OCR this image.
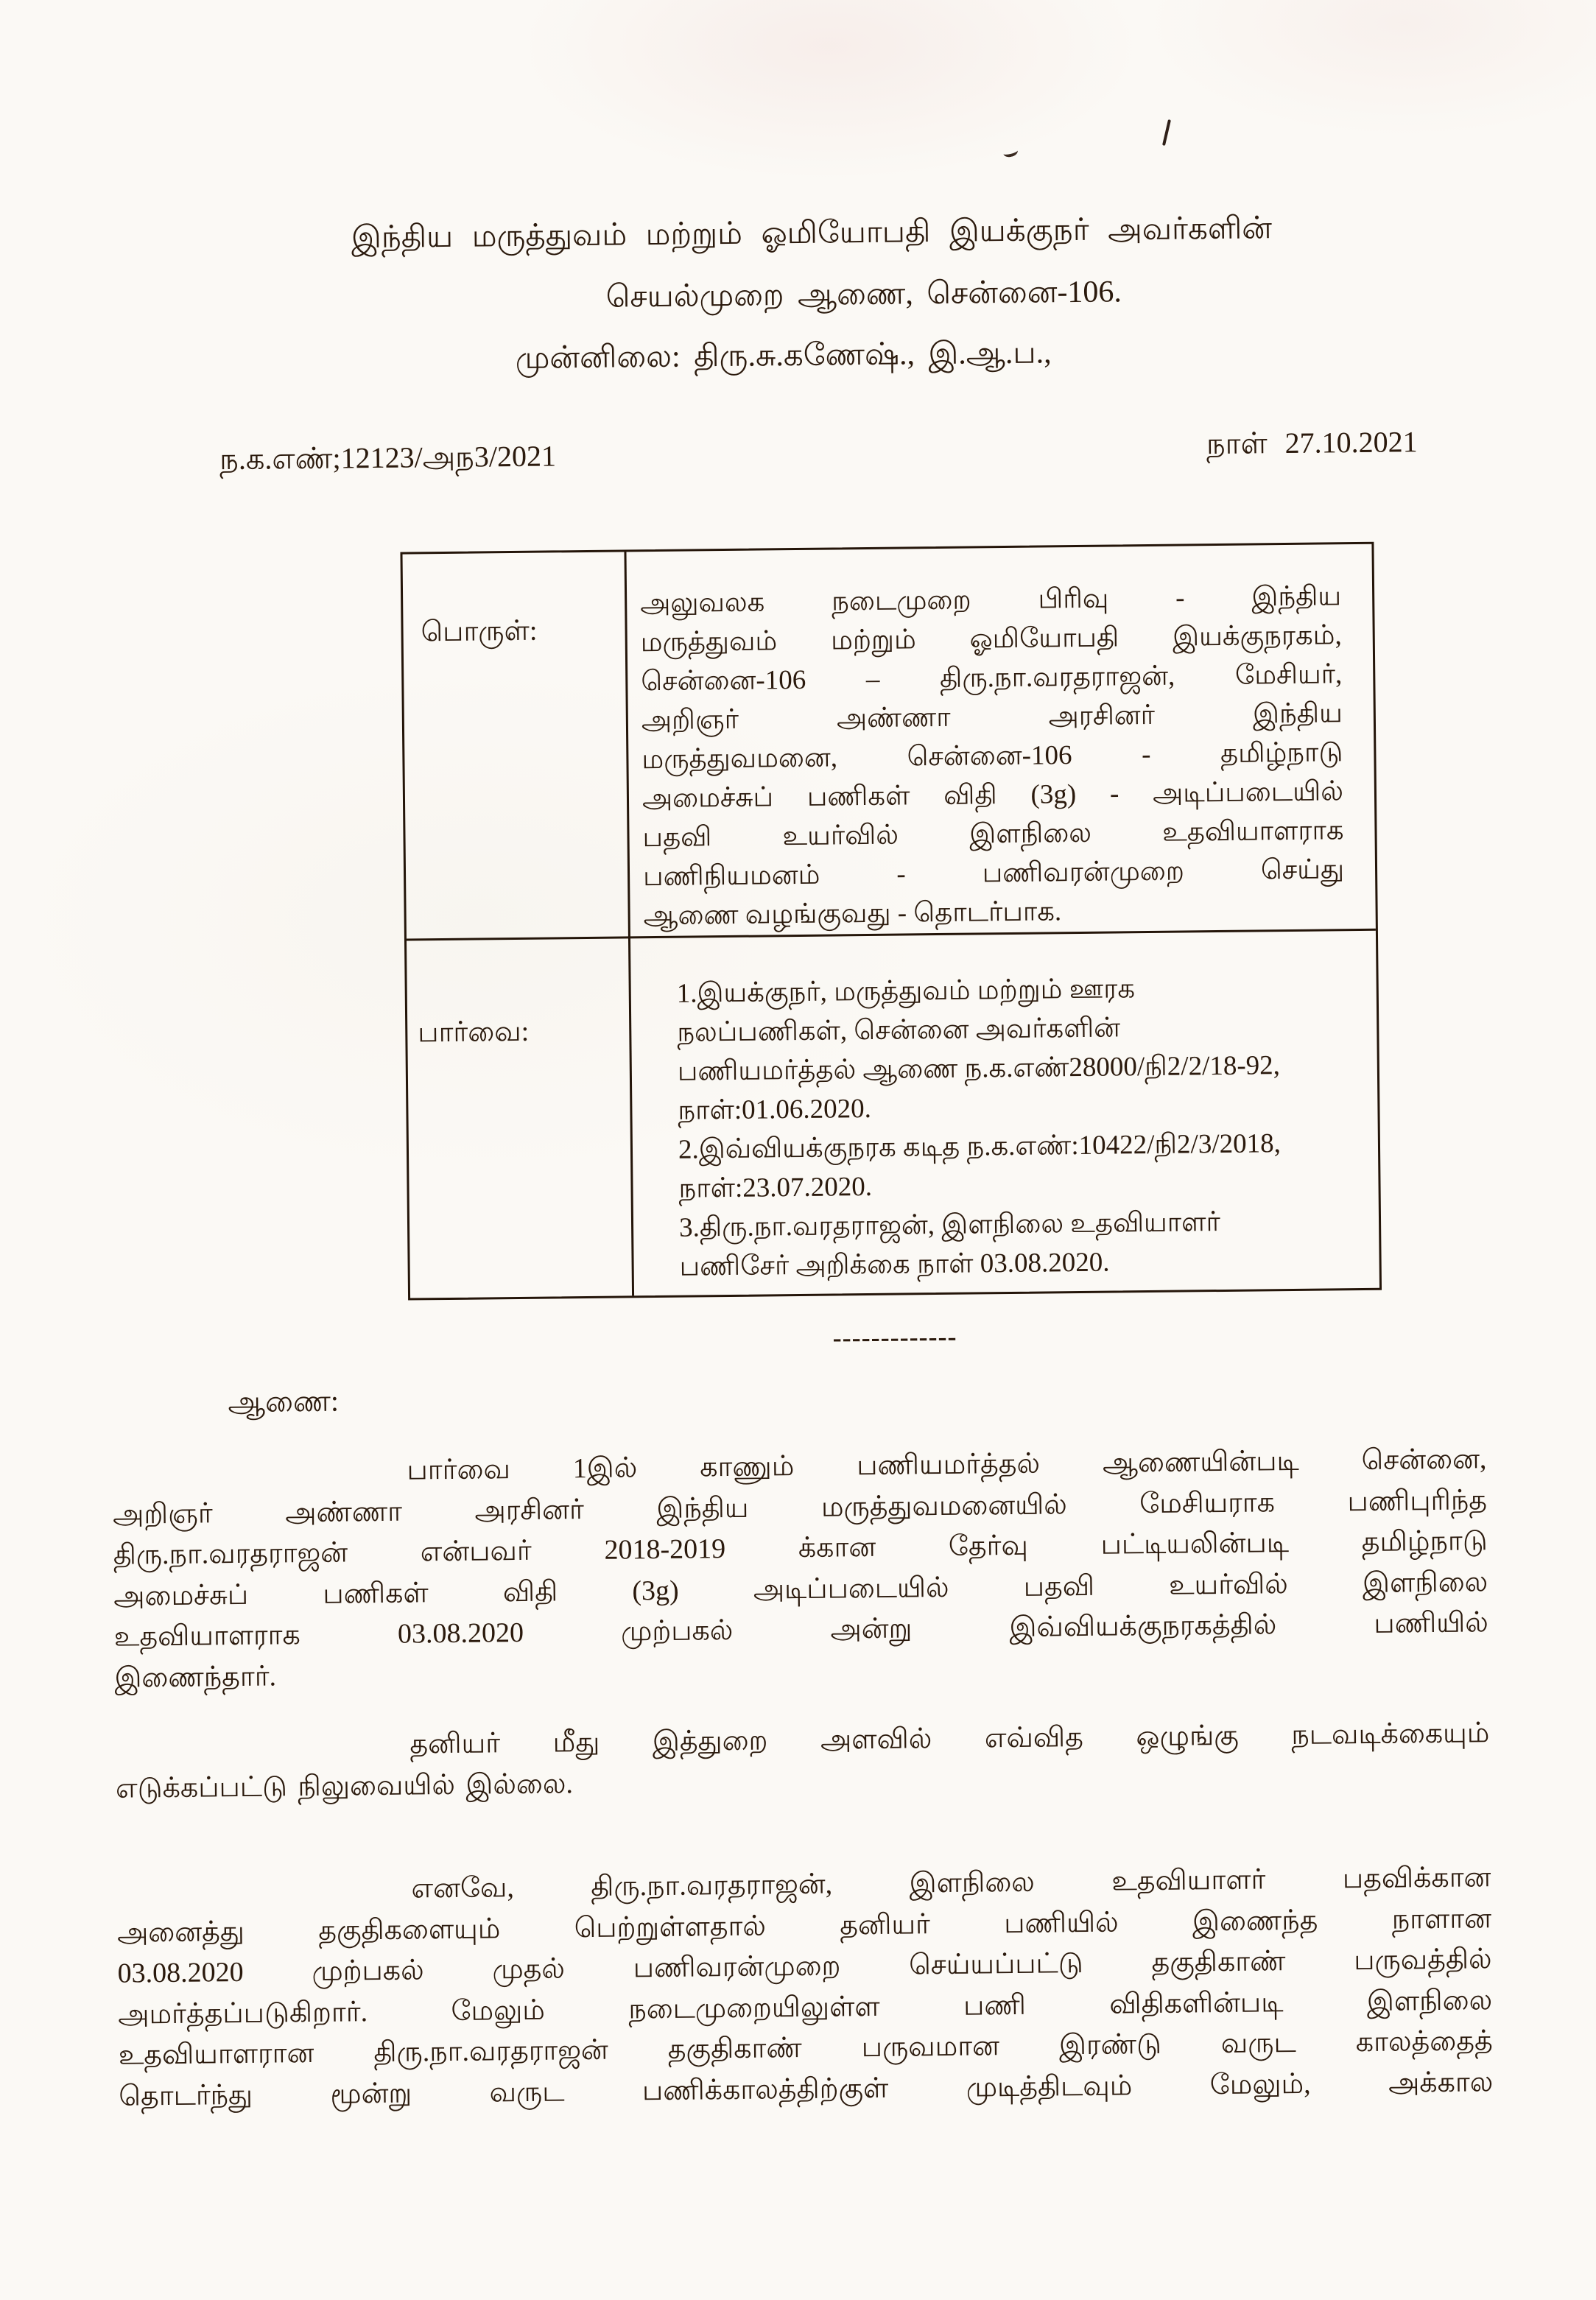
இந்திய மருத்துவம் மற்றும் ஓமியோபதி இயக்குநர் அவர்களின்
செயல்முறை ஆணை, சென்னை-106.
முன்னிலை: திரு.சு.கணேஷ்., இ.ஆ.ப.,
ந.க.எண்;12123/அந3/2021	நாள் 27.10.2021
பொருள்:
அலுவலக நடைமுறை பிரிவு - இந்திய
மருத்துவம் மற்றும் ஓமியோபதி இயக்குநரகம்,
சென்னை-106 – திரு.நா.வரதராஜன், மேசியர்,
அறிஞர் அண்ணா அரசினர் இந்திய
மருத்துவமனை, சென்னை-106 - தமிழ்நாடு
அமைச்சுப் பணிகள் விதி (3g) - அடிப்படையில்
பதவி உயர்வில் இளநிலை உதவியாளராக
பணிநியமனம் - பணிவரன்முறை செய்து
ஆணை வழங்குவது - தொடர்பாக.
பார்வை:
1.இயக்குநர், மருத்துவம் மற்றும் ஊரக
நலப்பணிகள், சென்னை அவர்களின்
பணியமர்த்தல் ஆணை ந.க.எண்28000/நி2/2/18-92,
நாள்:01.06.2020.
2.இவ்வியக்குநரக கடித ந.க.எண்:10422/நி2/3/2018,
நாள்:23.07.2020.
3.திரு.நா.வரதராஜன், இளநிலை உதவியாளர்
பணிசேர் அறிக்கை நாள் 03.08.2020.
-------------
ஆணை:
பார்வை 1இல் காணும் பணியமர்த்தல் ஆணையின்படி சென்னை,
அறிஞர் அண்ணா அரசினர் இந்திய மருத்துவமனையில் மேசியராக பணிபுரிந்த
திரு.நா.வரதராஜன் என்பவர் 2018-2019 க்கான தேர்வு பட்டியலின்படி தமிழ்நாடு
அமைச்சுப் பணிகள் விதி (3g) அடிப்படையில் பதவி உயர்வில் இளநிலை
உதவியாளராக 03.08.2020 முற்பகல் அன்று இவ்வியக்குநரகத்தில் பணியில்
இணைந்தார்.
தனியர் மீது இத்துறை அளவில் எவ்வித ஒழுங்கு நடவடிக்கையும்
எடுக்கப்பட்டு நிலுவையில் இல்லை.
எனவே, திரு.நா.வரதராஜன், இளநிலை உதவியாளர் பதவிக்கான
அனைத்து தகுதிகளையும் பெற்றுள்ளதால் தனியர் பணியில் இணைந்த நாளான
03.08.2020 முற்பகல் முதல் பணிவரன்முறை செய்யப்பட்டு தகுதிகாண் பருவத்தில்
அமர்த்தப்படுகிறார். மேலும் நடைமுறையிலுள்ள பணி விதிகளின்படி இளநிலை
உதவியாளரான திரு.நா.வரதராஜன் தகுதிகாண் பருவமான இரண்டு வருட காலத்தைத்
தொடர்ந்து மூன்று வருட பணிக்காலத்திற்குள் முடித்திடவும் மேலும், அக்கால
